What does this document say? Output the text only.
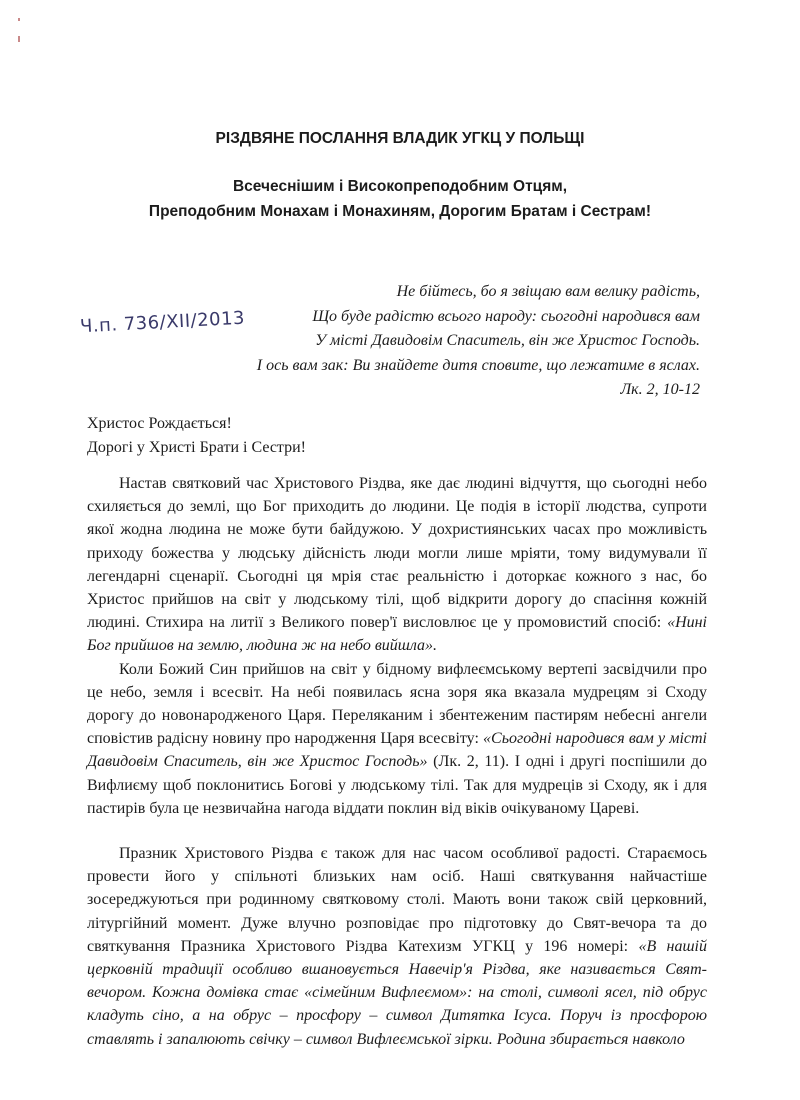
РІЗДВЯНЕ ПОСЛАННЯ ВЛАДИК УГКЦ У ПОЛЬЩІ
Всечеснішим і Високопреподобним Отцям,
Преподобним Монахам і Монахиням, Дорогим Братам і Сестрам!
Не бійтесь, бо я звіщаю вам велику радість,
Що буде радістю всього народу: сьогодні народився вам
У місті Давидовім Спаситель, він же Христос Господь.
І ось вам зак: Ви знайдете дитя сповите, що лежатиме в яслах.
Лк. 2, 10-12
Ч.п. 736/ХІІ/2013
Христос Рождається!
Дорогі у Христі Брати і Сестри!

Настав святковий час Христового Різдва, яке дає людині відчуття, що сьогодні небо схиляється до землі, що Бог приходить до людини. Це подія в історії людства, супроти якої жодна людина не може бути байдужою. У дохристиянських часах про можливість приходу божества у людську дійсність люди могли лише мріяти, тому видумували її легендарні сценарії. Сьогодні ця мрія стає реальністю і доторкає кожного з нас, бо Христос прийшов на світ у людському тілі, щоб відкрити дорогу до спасіння кожній людині. Стихира на литії з Великого повер'ї висловлює це у промовистий спосіб: «Нині Бог прийшов на землю, людина ж на небо вийшла».

Коли Божий Син прийшов на світ у бідному вифлеємському вертепі засвідчили про це небо, земля і всесвіт. На небі появилась ясна зоря яка вказала мудрецям зі Сходу дорогу до новонародженого Царя. Переляканим і збентеженим пастирям небесні ангели сповістив радісну новину про народження Царя всесвіту: «Сьогодні народився вам у місті Давидовім Спаситель, він же Христос Господь» (Лк. 2, 11). І одні і другі поспішили до Вифлиєму щоб поклонитись Богові у людському тілі. Так для мудреців зі Сходу, як і для пастирів була це незвичайна нагода віддати поклин від віків очікуваному Цареві.

Празник Христового Різдва є також для нас часом особливої радості. Стараємось провести його у спільноті близьких нам осіб. Наші святкування найчастіше зосереджуються при родинному святковому столі. Мають вони також свій церковний, літургійний момент. Дуже влучно розповідає про підготовку до Свят-вечора та до святкування Празника Христового Різдва Катехизм УГКЦ у 196 номері: «В нашій церковній традиції особливо вшановується Навечір'я Різдва, яке називається Свят-вечором. Кожна домівка стає «сімейним Вифлеємом»: на столі, символі ясел, під обрус кладуть сіно, а на обрус – просфору – символ Дитятка Ісуса. Поруч із просфорою ставлять і запалюють свічку – символ Вифлеємської зірки. Родина збирається навколо
